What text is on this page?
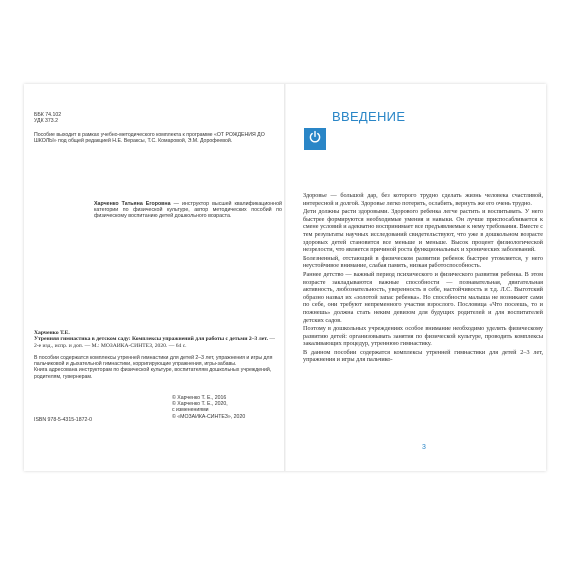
ББК 74.102
УДК 373.2
Пособие выходит в рамках учебно-методического комплекта к программе «ОТ РОЖДЕНИЯ ДО ШКОЛЫ» под общей редакцией Н.Е. Вераксы, Т.С. Комаровой, Э.М. Дорофеевой.
Харченко Татьяна Егоровна — инструктор высшей квалификационной категории по физической культуре, автор методических пособий по физическому воспитанию детей дошкольного возраста.
Харченко Т.Е.
Утренняя гимнастика в детском саду: Комплексы упражнений для работы с детьми 2–3 лет. — 2-е изд., испр. и доп. — М.: МОЗАИКА-СИНТЕЗ, 2020. — 64 с.
В пособии содержатся комплексы утренней гимнастики для детей 2–3 лет, упражнения и игры для пальчиковой и дыхательной гимнастики, корригирующие упражнения, игры-забавы.
Книга адресована инструкторам по физической культуре, воспитателям дошкольных учреждений, родителям, гувернерам.
ISBN 978-5-4315-1872-0
© Харченко Т. Е., 2016
© Харченко Т. Е., 2020,
с изменениями
© «МОЗАИКА-СИНТЕЗ», 2020
ВВЕДЕНИЕ

Здоровье — большой дар, без которого трудно сделать жизнь человека счастливой, интересной и долгой. Здоровье легко потерять, ослабить, вернуть же его очень трудно.

Дети должны расти здоровыми. Здорового ребенка легче растить и воспитывать. У него быстрее формируются необходимые умения и навыки. Он лучше приспосабливается к смене условий и адекватно воспринимает все предъявляемые к нему требования. Вместе с тем результаты научных исследований свидетельствуют, что уже в дошкольном возрасте здоровых детей становится все меньше и меньше. Высок процент физиологической незрелости, что является причиной роста функциональных и хронических заболеваний.

Болезненный, отстающий в физическом развитии ребенок быстрее утомляется, у него неустойчивое внимание, слабая память, низкая работоспособность.

Раннее детство — важный период психического и физического развития ребенка. В этом возрасте закладываются важные способности — познавательная, двигательная активность, любознательность, уверенность в себе, настойчивость и т.д. Л.С. Выготский образно назвал их «золотой запас ребенка». Но способности малыша не возникают сами по себе, они требуют непременного участия взрослого. Пословица «Что посеешь, то и пожнешь» должна стать неким девизом для будущих родителей и для воспитателей детских садов.

Поэтому в дошкольных учреждениях особое внимание необходимо уделять физическому развитию детей: организовывать занятия по физической культуре, проводить комплексы закаливающих процедур, утреннюю гимнастику.

В данном пособии содержатся комплексы утренней гимнастики для детей 2–3 лет, упражнения и игры для пальчико-

3
